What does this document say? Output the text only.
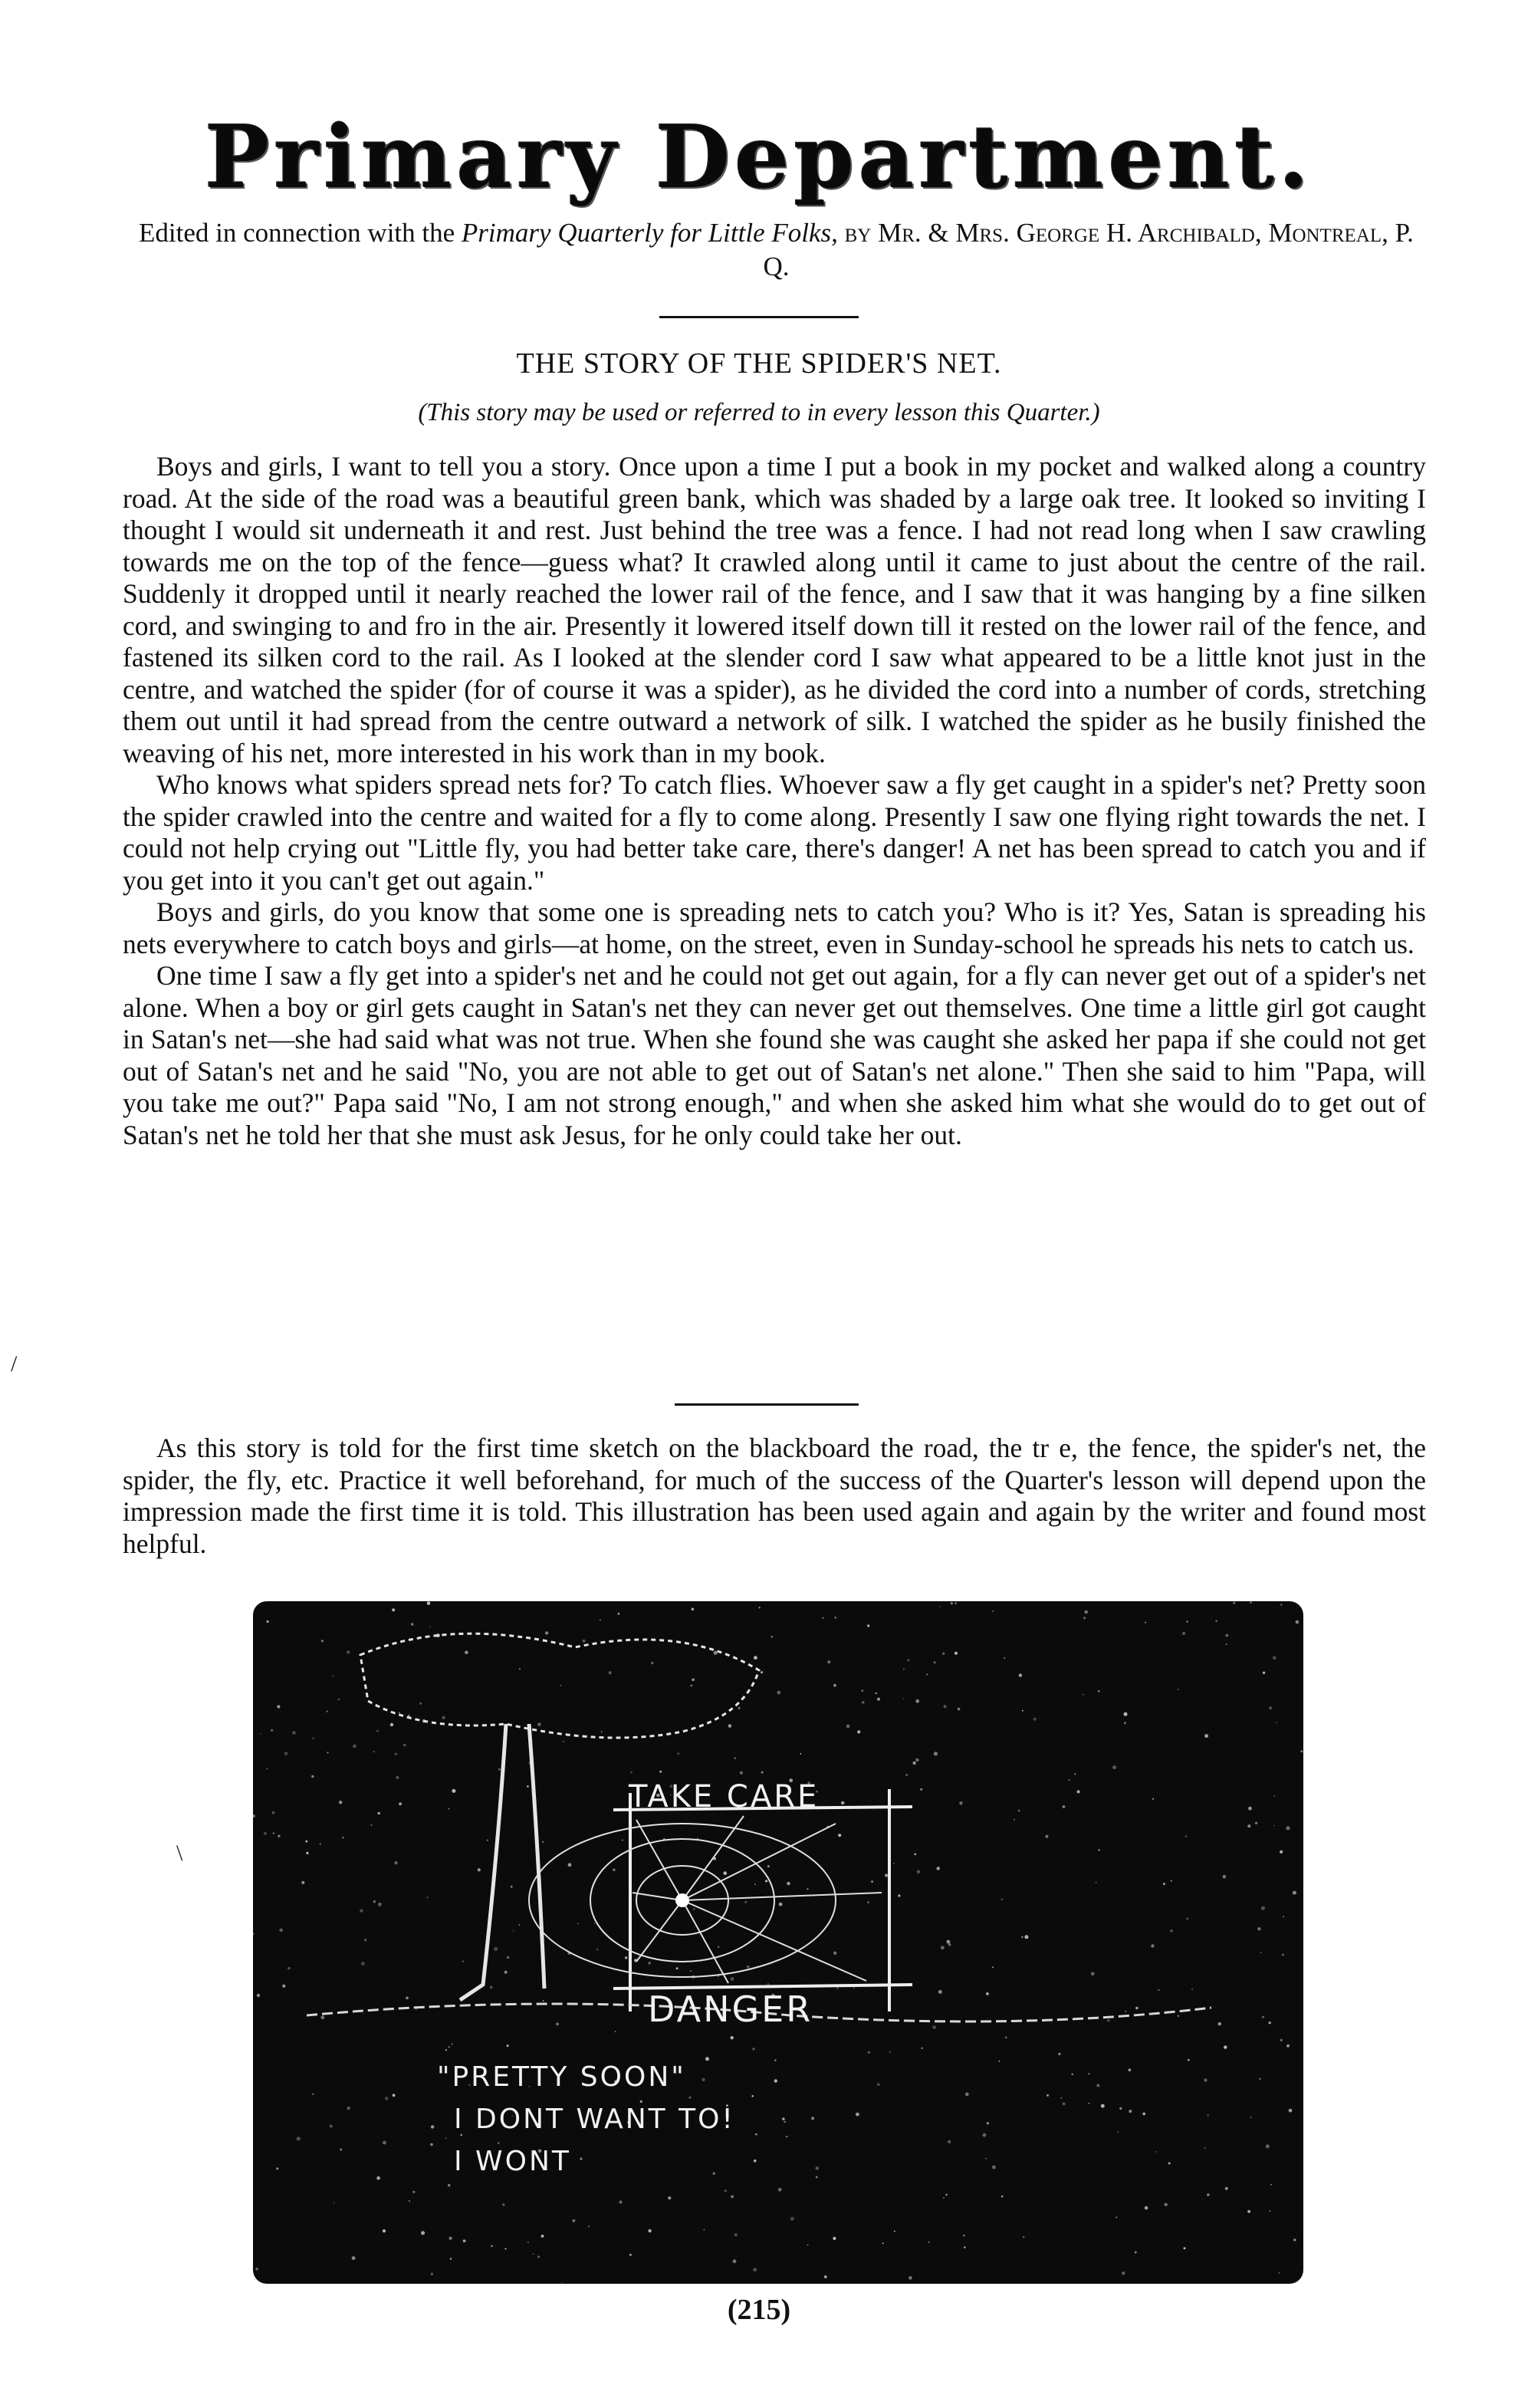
Primary Department.
Edited in connection with the Primary Quarterly for Little Folks, by Mr. & Mrs. George H. Archibald, Montreal, P. Q.
THE STORY OF THE SPIDER'S NET.
(This story may be used or referred to in every lesson this Quarter.)

Boys and girls, I want to tell you a story. Once upon a time I put a book in my pocket and walked along a country road. At the side of the road was a beautiful green bank, which was shaded by a large oak tree. It looked so inviting I thought I would sit underneath it and rest. Just behind the tree was a fence. I had not read long when I saw crawling towards me on the top of the fence—guess what? It crawled along until it came to just about the centre of the rail. Suddenly it dropped until it nearly reached the lower rail of the fence, and I saw that it was hanging by a fine silken cord, and swinging to and fro in the air. Presently it lowered itself down till it rested on the lower rail of the fence, and fastened its silken cord to the rail. As I looked at the slender cord I saw what appeared to be a little knot just in the centre, and watched the spider (for of course it was a spider), as he divided the cord into a number of cords, stretching them out until it had spread from the centre outward a network of silk. I watched the spider as he busily finished the weaving of his net, more interested in his work than in my book.

Who knows what spiders spread nets for? To catch flies. Whoever saw a fly get caught in a spider's net? Pretty soon the spider crawled into the centre and waited for a fly to come along. Presently I saw one flying right towards the net. I could not help crying out "Little fly, you had better take care, there's danger! A net has been spread to catch you and if you get into it you can't get out again."

Boys and girls, do you know that some one is spreading nets to catch you? Who is it? Yes, Satan is spreading his nets everywhere to catch boys and girls—at home, on the street, even in Sunday-school he spreads his nets to catch us.

One time I saw a fly get into a spider's net and he could not get out again, for a fly can never get out of a spider's net alone. When a boy or girl gets caught in Satan's net they can never get out themselves. One time a little girl got caught in Satan's net—she had said what was not true. When she found she was caught she asked her papa if she could not get out of Satan's net and he said "No, you are not able to get out of Satan's net alone." Then she said to him "Papa, will you take me out?" Papa said "No, I am not strong enough," and when she asked him what she would do to get out of Satan's net he told her that she must ask Jesus, for he only could take her out.

As this story is told for the first time sketch on the blackboard the road, the tr e, the fence, the spider's net, the spider, the fly, etc. Practice it well beforehand, for much of the success of the Quarter's lesson will depend upon the impression made the first time it is told. This illustration has been used again and again by the writer and found most helpful.

TAKE CARE
DANGER
"PRETTY SOON"
I DONT WANT TO!
I WONT
(215)
/
\
